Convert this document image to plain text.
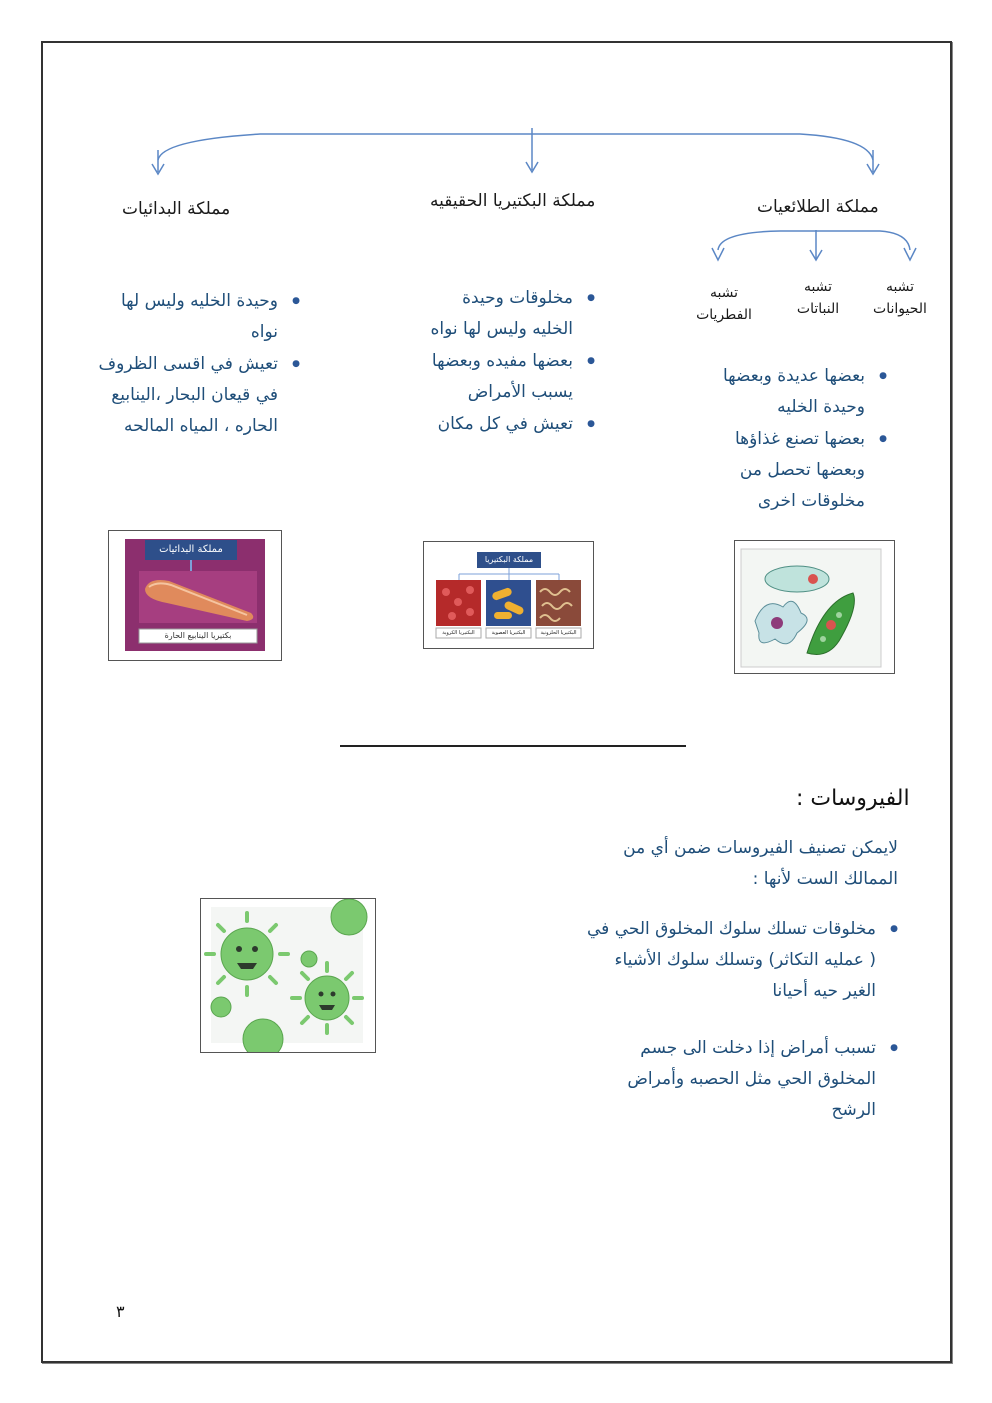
مملكة الطلائعيات
مملكة البكتيريا الحقيقيه
مملكة البدائيات
تشبه الحيوانات
تشبه النباتات
تشبه الفطريات
● بعضها عديدة وبعضها وحيدة الخليه
● بعضها تصنع غذاؤها وبعضها تحصل من مخلوقات اخرى
● مخلوقات وحيدة الخليه وليس لها نواه
● بعضها مفيده وبعضها يسبب الأمراض
● تعيش في كل مكان
● وحيدة الخليه وليس لها نواه
● تعيش في اقسى الظروف في قيعان البحار ،الينابيع الحاره ، المياه المالحه
مملكة البكتيريا
البكتيريا الكروية	البكتيريا العصوية	البكتيريا الحلزونية
مملكة البدائيات
بكتيريا الينابيع الحارة
الفيروسات :
لايمكن تصنيف الفيروسات ضمن أي من الممالك الست لأنها :
● مخلوقات تسلك سلوك المخلوق الحي في ( عمليه التكاثر) وتسلك سلوك الأشياء الغير حيه أحيانا
● تسبب أمراض إذا دخلت الى جسم المخلوق الحي مثل الحصبه وأمراض الرشح
٣
